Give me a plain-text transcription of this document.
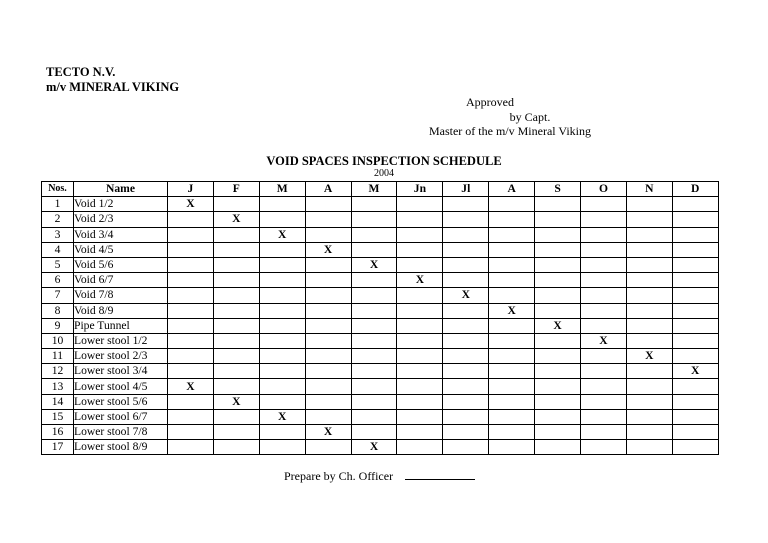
TECTO N.V.
m/v MINERAL VIKING
Approved
by Capt.
Master of the m/v Mineral Viking
VOID SPACES INSPECTION SCHEDULE
2004
Nos.	Name	J	F	M	A	M	Jn	Jl	A	S	O	N	D
1	Void 1/2	X											
2	Void 2/3		X										
3	Void 3/4			X									
4	Void 4/5				X								
5	Void 5/6					X							
6	Void 6/7						X						
7	Void 7/8							X					
8	Void 8/9								X				
9	Pipe Tunnel									X			
10	Lower stool 1/2										X		
11	Lower stool 2/3											X	
12	Lower stool 3/4												X
13	Lower stool 4/5	X											
14	Lower stool 5/6		X										
15	Lower stool 6/7			X									
16	Lower stool 7/8				X								
17	Lower stool 8/9					X							
Prepare by Ch. Officer
